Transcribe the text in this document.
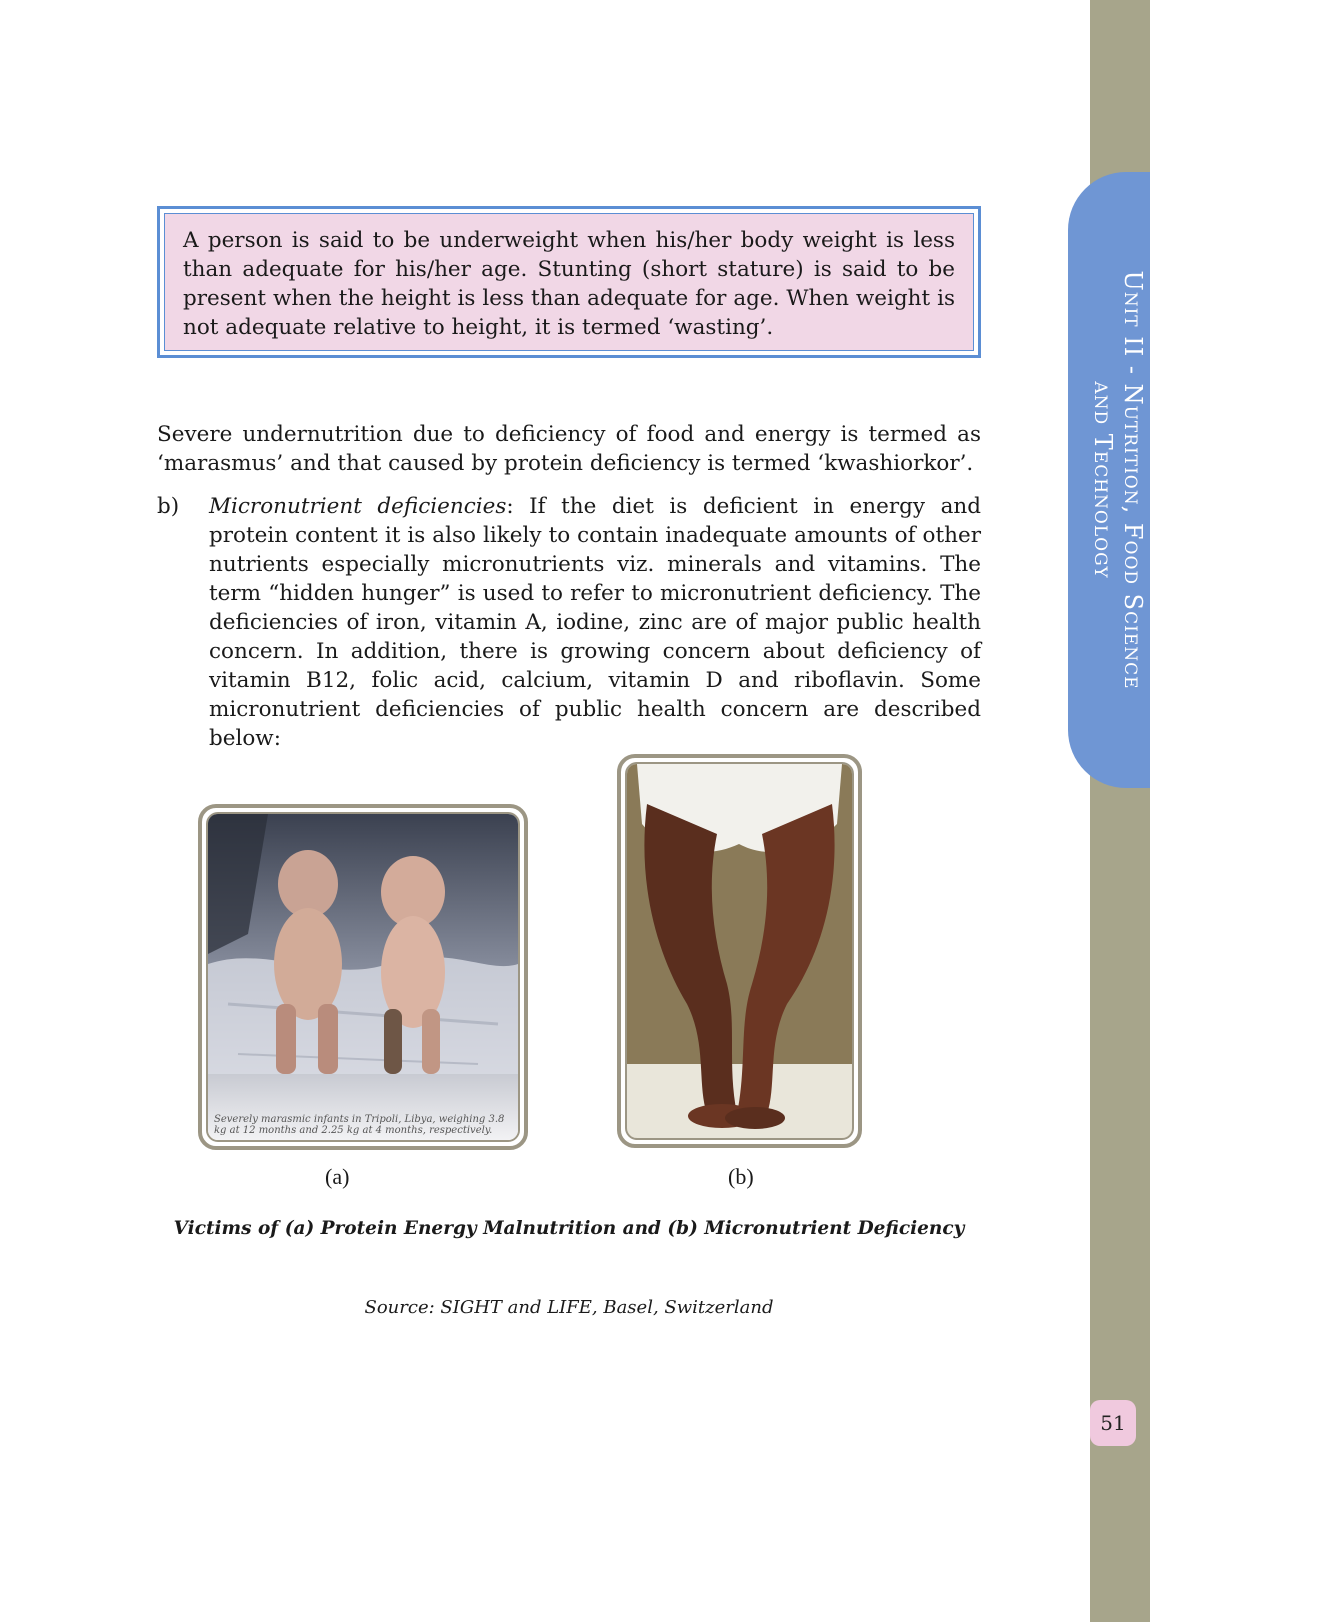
Unit II - Nutrition, Food Science
and Technology
51
A person is said to be underweight when his/her body weight is less than adequate for his/her age. Stunting (short stature) is said to be present when the height is less than adequate for age. When weight is not adequate relative to height, it is termed ‘wasting’.

Severe undernutrition due to deficiency of food and energy is termed as ‘marasmus’ and that caused by protein deficiency is termed ‘kwashiorkor’.

b) Micronutrient deficiencies: If the diet is deficient in energy and protein content it is also likely to contain inadequate amounts of other nutrients especially micronutrients viz. minerals and vitamins. The term “hidden hunger” is used to refer to micronutrient deficiency. The deficiencies of iron, vitamin A, iodine, zinc are of major public health concern. In addition, there is growing concern about deficiency of vitamin B12, folic acid, calcium, vitamin D and riboflavin. Some micronutrient deficiencies of public health concern are described below:

Severely marasmic infants in Tripoli, Libya, weighing 3.8 kg at 12 months and 2.25 kg at 4 months, respectively.
(a)	(b)
Victims of (a) Protein Energy Malnutrition and (b) Micronutrient Deficiency
Source: SIGHT and LIFE, Basel, Switzerland
